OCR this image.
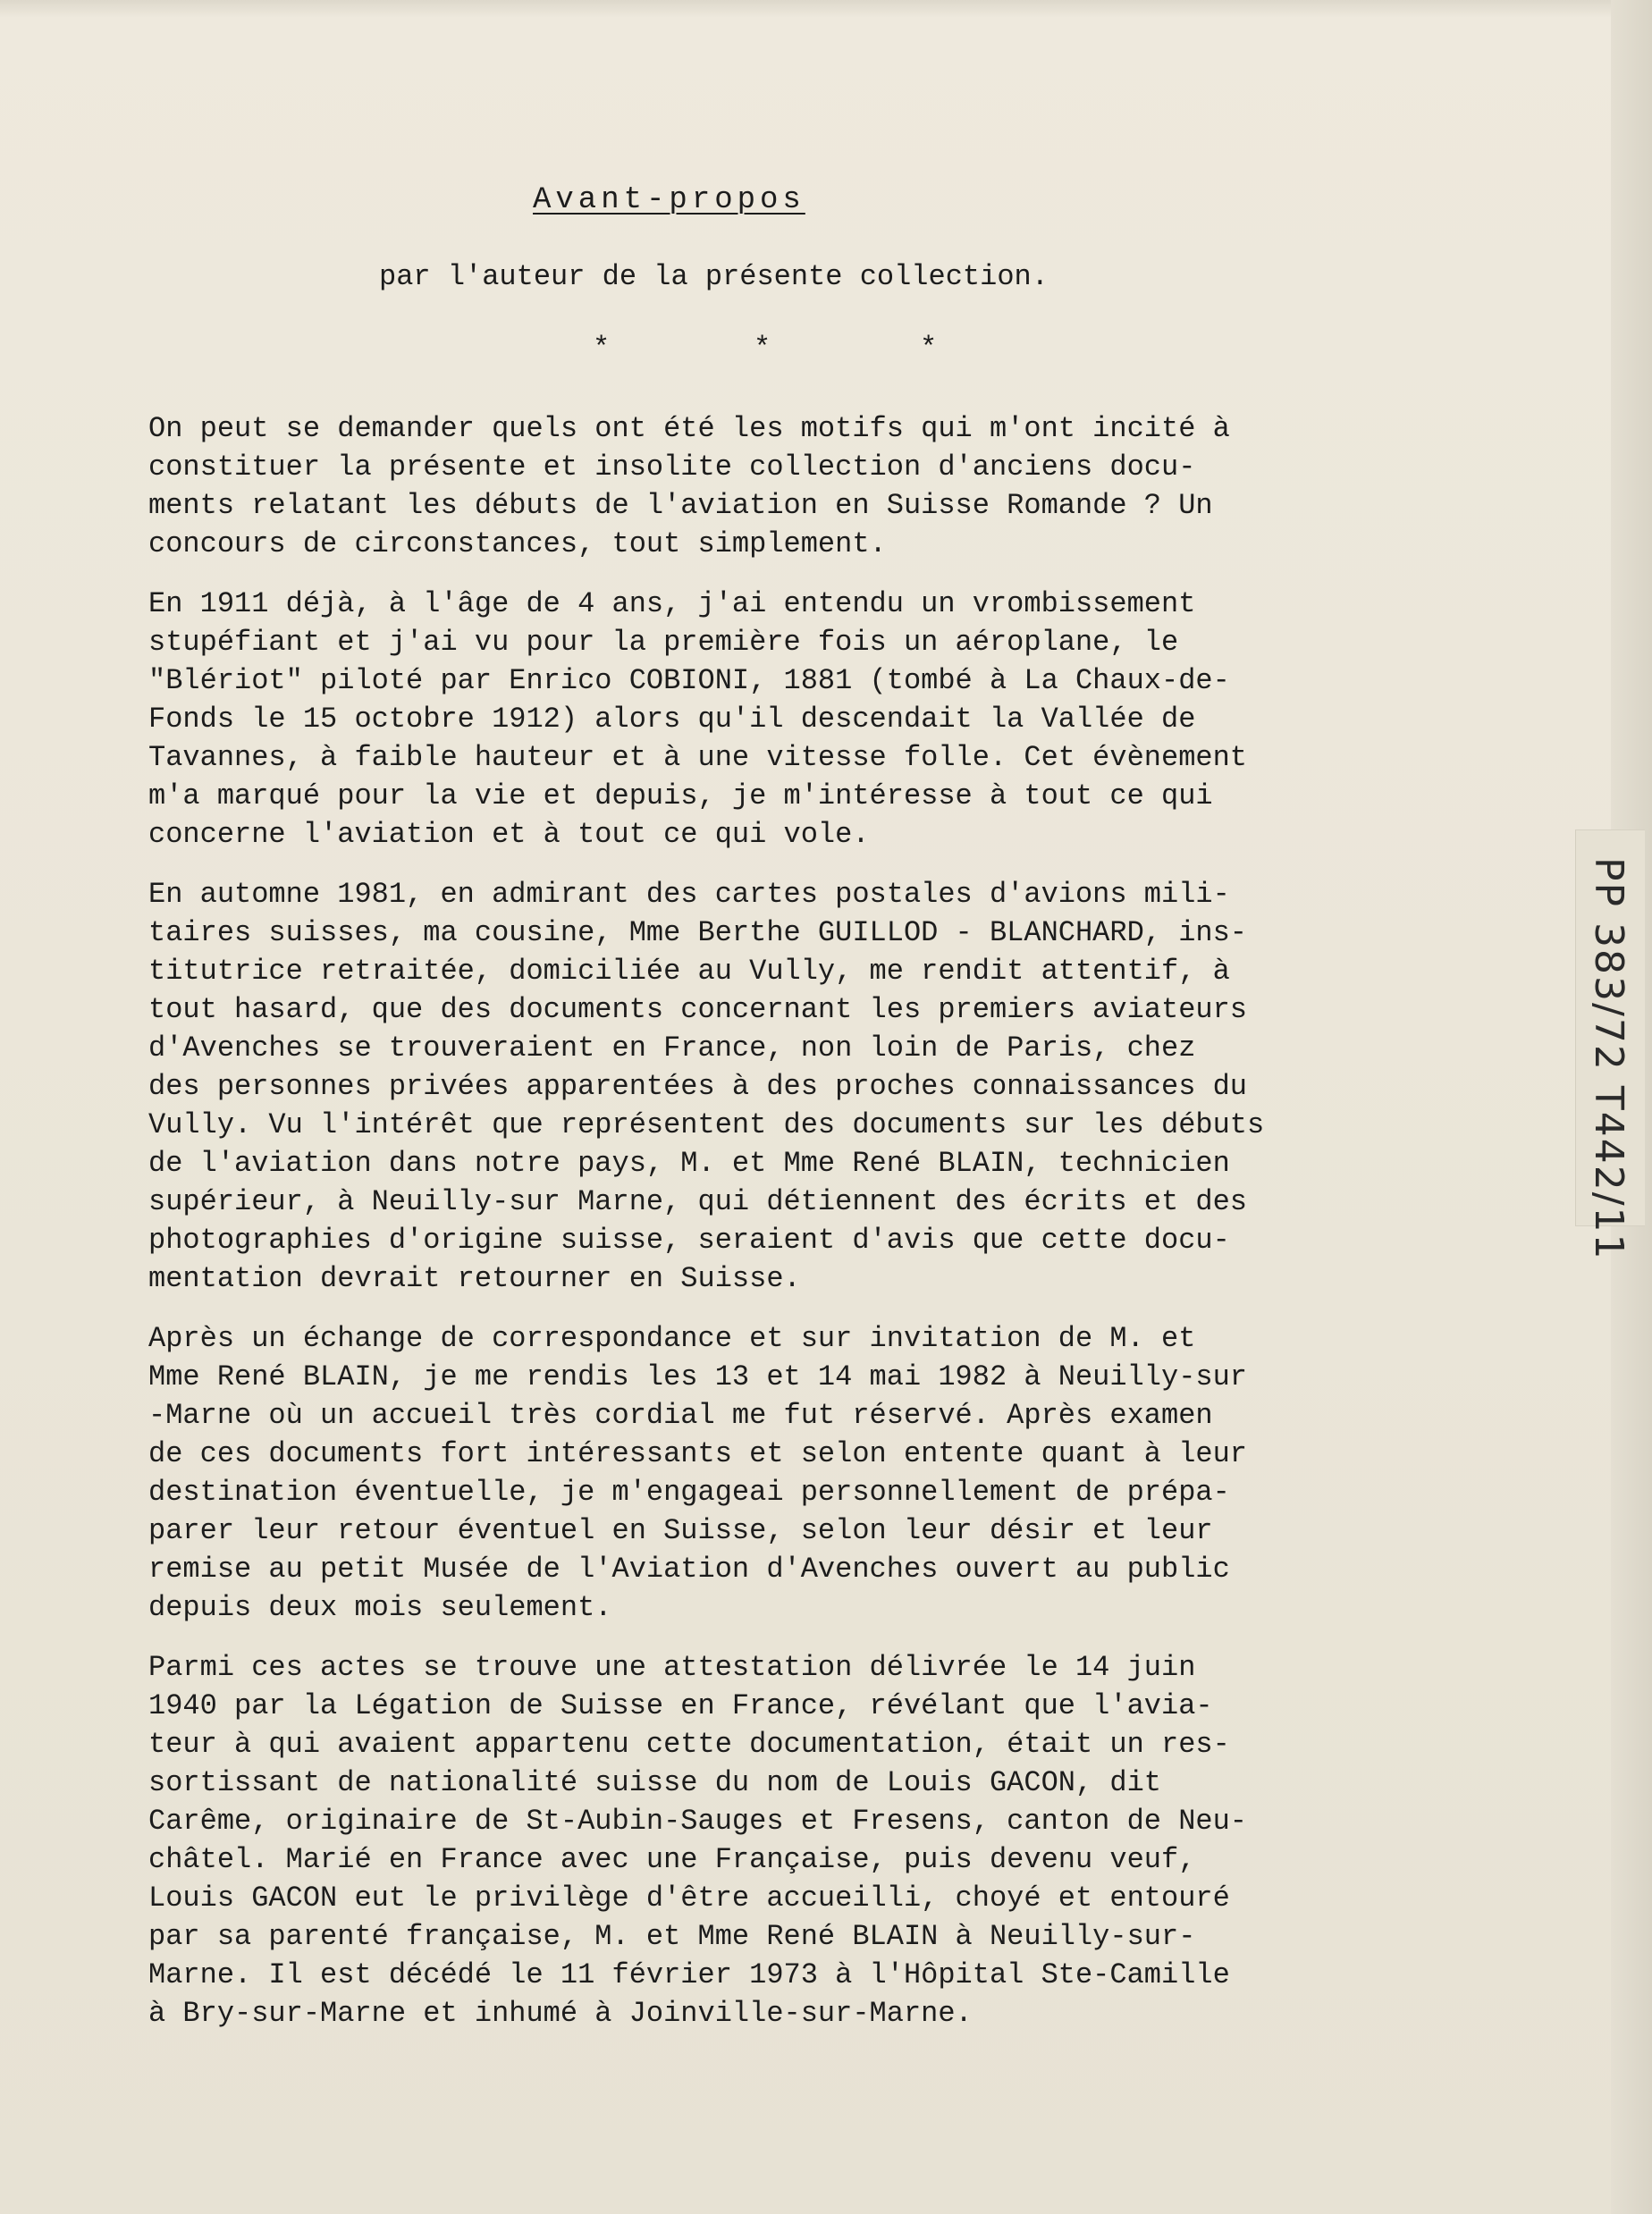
Avant-propos
par l'auteur de la présente collection.
*	*	*
On peut se demander quels ont été les motifs qui m'ont incité à
constituer la présente et insolite collection d'anciens docu-
ments relatant les débuts de l'aviation en Suisse Romande ? Un
concours de circonstances, tout simplement.
En 1911 déjà, à l'âge de 4 ans, j'ai entendu un vrombissement
stupéfiant et j'ai vu pour la première fois un aéroplane, le
"Blériot" piloté par Enrico COBIONI, 1881 (tombé à La Chaux-de-
Fonds le 15 octobre 1912) alors qu'il descendait la Vallée de
Tavannes, à faible hauteur et à une vitesse folle. Cet évènement
m'a marqué pour la vie et depuis, je m'intéresse à tout ce qui
concerne l'aviation et à tout ce qui vole.
En automne 1981, en admirant des cartes postales d'avions mili-
taires suisses, ma cousine, Mme Berthe GUILLOD - BLANCHARD, ins-
titutrice retraitée, domiciliée au Vully, me rendit attentif, à
tout hasard, que des documents concernant les premiers aviateurs
d'Avenches se trouveraient en France, non loin de Paris, chez
des personnes privées apparentées à des proches connaissances du
Vully. Vu l'intérêt que représentent des documents sur les débuts
de l'aviation dans notre pays, M. et Mme René BLAIN, technicien
supérieur, à Neuilly-sur Marne, qui détiennent des écrits et des
photographies d'origine suisse, seraient d'avis que cette docu-
mentation devrait retourner en Suisse.
Après un échange de correspondance et sur invitation de M. et
Mme René BLAIN, je me rendis les 13 et 14 mai 1982 à Neuilly-sur
-Marne où un accueil très cordial me fut réservé. Après examen
de ces documents fort intéressants et selon entente quant à leur
destination éventuelle, je m'engageai personnellement de prépa-
parer leur retour éventuel en Suisse, selon leur désir et leur
remise au petit Musée de l'Aviation d'Avenches ouvert au public
depuis deux mois seulement.
Parmi ces actes se trouve une attestation délivrée le 14 juin
1940 par la Légation de Suisse en France, révélant que l'avia-
teur à qui avaient appartenu cette documentation, était un res-
sortissant de nationalité suisse du nom de Louis GACON, dit
Carême, originaire de St-Aubin-Sauges et Fresens, canton de Neu-
châtel. Marié en France avec une Française, puis devenu veuf,
Louis GACON eut le privilège d'être accueilli, choyé et entouré
par sa parenté française, M. et Mme René BLAIN à Neuilly-sur-
Marne. Il est décédé le 11 février 1973 à l'Hôpital Ste-Camille
à Bry-sur-Marne et inhumé à Joinville-sur-Marne.
PP 383/72 T442/11
